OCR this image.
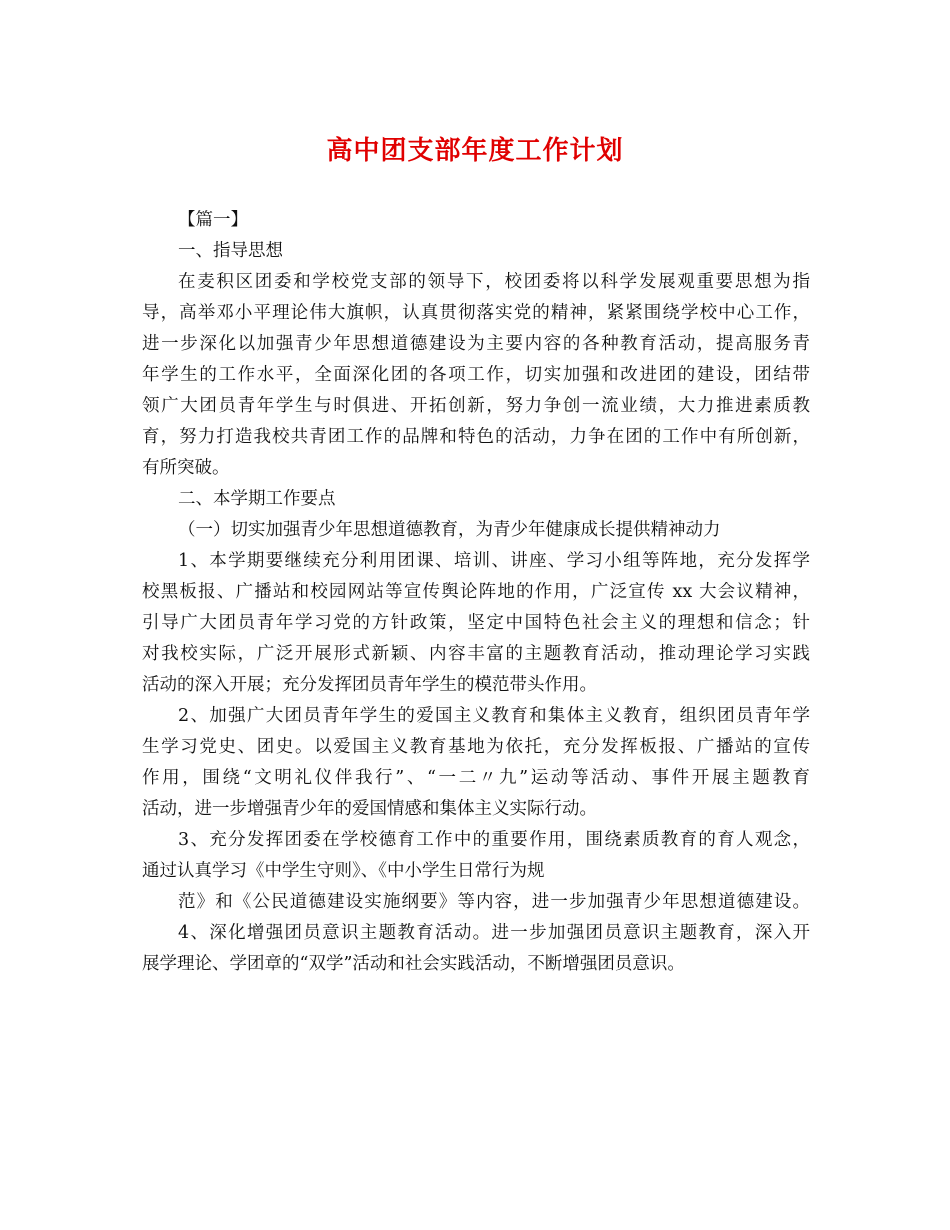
高中团支部年度工作计划
【篇一】
一、指导思想
在麦积区团委和学校党支部的领导下，校团委将以科学发展观重要思想为指
导，高举邓小平理论伟大旗帜，认真贯彻落实党的精神，紧紧围绕学校中心工作，
进一步深化以加强青少年思想道德建设为主要内容的各种教育活动，提高服务青
年学生的工作水平，全面深化团的各项工作，切实加强和改进团的建设，团结带
领广大团员青年学生与时俱进、开拓创新，努力争创一流业绩，大力推进素质教
育，努力打造我校共青团工作的品牌和特色的活动，力争在团的工作中有所创新，
有所突破。
二、本学期工作要点
（一）切实加强青少年思想道德教育，为青少年健康成长提供精神动力
1、本学期要继续充分利用团课、培训、讲座、学习小组等阵地，充分发挥学
校黑板报、广播站和校园网站等宣传舆论阵地的作用，广泛宣传 xx 大会议精神，
引导广大团员青年学习党的方针政策，坚定中国特色社会主义的理想和信念；针
对我校实际，广泛开展形式新颖、内容丰富的主题教育活动，推动理论学习实践
活动的深入开展；充分发挥团员青年学生的模范带头作用。
2、加强广大团员青年学生的爱国主义教育和集体主义教育，组织团员青年学
生学习党史、团史。以爱国主义教育基地为依托，充分发挥板报、广播站的宣传
作用，围绕“文明礼仪伴我行”、“一二〃九”运动等活动、事件开展主题教育
活动，进一步增强青少年的爱国情感和集体主义实际行动。
3、充分发挥团委在学校德育工作中的重要作用，围绕素质教育的育人观念，
通过认真学习《中学生守则》、《中小学生日常行为规
范》和《公民道德建设实施纲要》等内容，进一步加强青少年思想道德建设。
4、深化增强团员意识主题教育活动。进一步加强团员意识主题教育，深入开
展学理论、学团章的“双学”活动和社会实践活动，不断增强团员意识。
